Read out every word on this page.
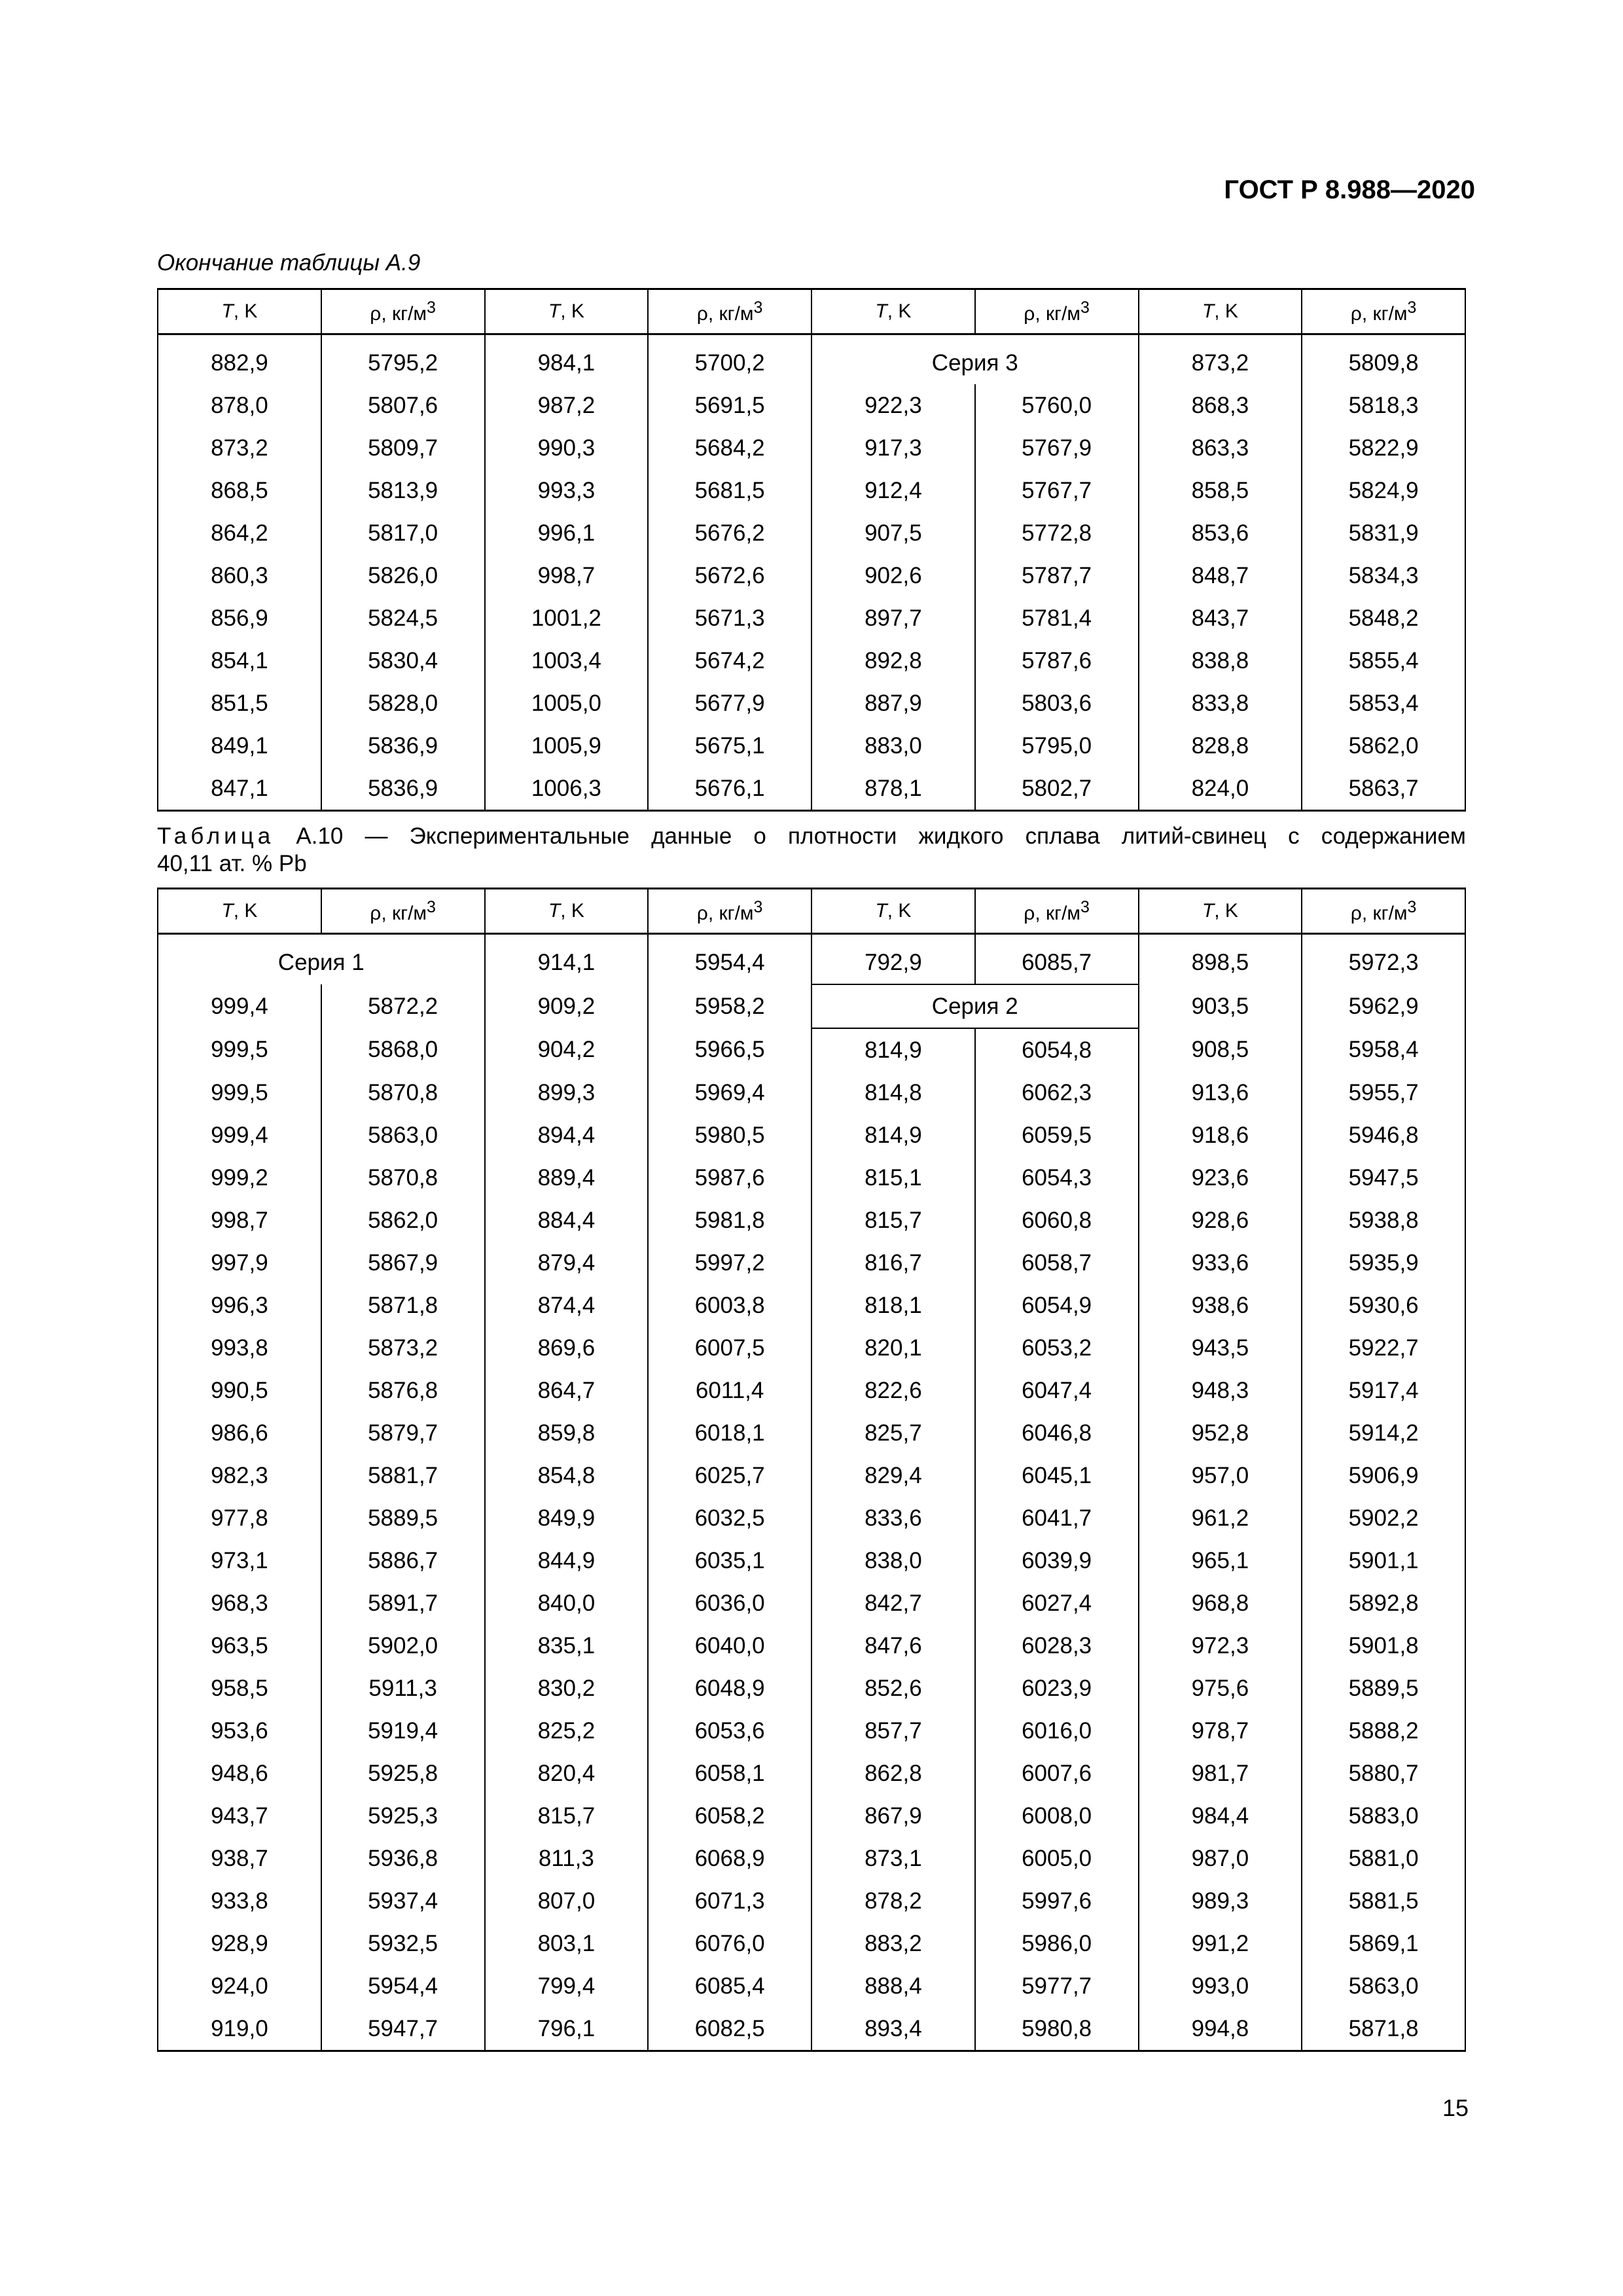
ГОСТ Р 8.988—2020
Окончание таблицы А.9
T, K	ρ, $кг/м^3$	T, K	ρ, $кг/м^3$	T, K	ρ, $кг/м^3$	T, K	ρ, $кг/м^3$
882,9	5795,2	984,1	5700,2	Серия 3		873,2	5809,8
878,0	5807,6	987,2	5691,5	922,3	5760,0	868,3	5818,3
873,2	5809,7	990,3	5684,2	917,3	5767,9	863,3	5822,9
868,5	5813,9	993,3	5681,5	912,4	5767,7	858,5	5824,9
864,2	5817,0	996,1	5676,2	907,5	5772,8	853,6	5831,9
860,3	5826,0	998,7	5672,6	902,6	5787,7	848,7	5834,3
856,9	5824,5	1001,2	5671,3	897,7	5781,4	843,7	5848,2
854,1	5830,4	1003,4	5674,2	892,8	5787,6	838,8	5855,4
851,5	5828,0	1005,0	5677,9	887,9	5803,6	833,8	5853,4
849,1	5836,9	1005,9	5675,1	883,0	5795,0	828,8	5862,0
847,1	5836,9	1006,3	5676,1	878,1	5802,7	824,0	5863,7
Таблица А.10 — Экспериментальные данные о плотности жидкого сплава литий-свинец с содержанием
40,11 ат. % Pb
T, K	ρ, $кг/м^3$	T, K	ρ, $кг/м^3$	T, K	ρ, $кг/м^3$	T, K	ρ, $кг/м^3$
Серия 1		914,1	5954,4	792,9	6085,7	898,5	5972,3
999,4	5872,2	909,2	5958,2	Серия 2		903,5	5962,9
999,5	5868,0	904,2	5966,5	814,9	6054,8	908,5	5958,4
999,5	5870,8	899,3	5969,4	814,8	6062,3	913,6	5955,7
999,4	5863,0	894,4	5980,5	814,9	6059,5	918,6	5946,8
999,2	5870,8	889,4	5987,6	815,1	6054,3	923,6	5947,5
998,7	5862,0	884,4	5981,8	815,7	6060,8	928,6	5938,8
997,9	5867,9	879,4	5997,2	816,7	6058,7	933,6	5935,9
996,3	5871,8	874,4	6003,8	818,1	6054,9	938,6	5930,6
993,8	5873,2	869,6	6007,5	820,1	6053,2	943,5	5922,7
990,5	5876,8	864,7	6011,4	822,6	6047,4	948,3	5917,4
986,6	5879,7	859,8	6018,1	825,7	6046,8	952,8	5914,2
982,3	5881,7	854,8	6025,7	829,4	6045,1	957,0	5906,9
977,8	5889,5	849,9	6032,5	833,6	6041,7	961,2	5902,2
973,1	5886,7	844,9	6035,1	838,0	6039,9	965,1	5901,1
968,3	5891,7	840,0	6036,0	842,7	6027,4	968,8	5892,8
963,5	5902,0	835,1	6040,0	847,6	6028,3	972,3	5901,8
958,5	5911,3	830,2	6048,9	852,6	6023,9	975,6	5889,5
953,6	5919,4	825,2	6053,6	857,7	6016,0	978,7	5888,2
948,6	5925,8	820,4	6058,1	862,8	6007,6	981,7	5880,7
943,7	5925,3	815,7	6058,2	867,9	6008,0	984,4	5883,0
938,7	5936,8	811,3	6068,9	873,1	6005,0	987,0	5881,0
933,8	5937,4	807,0	6071,3	878,2	5997,6	989,3	5881,5
928,9	5932,5	803,1	6076,0	883,2	5986,0	991,2	5869,1
924,0	5954,4	799,4	6085,4	888,4	5977,7	993,0	5863,0
919,0	5947,7	796,1	6082,5	893,4	5980,8	994,8	5871,8
15
